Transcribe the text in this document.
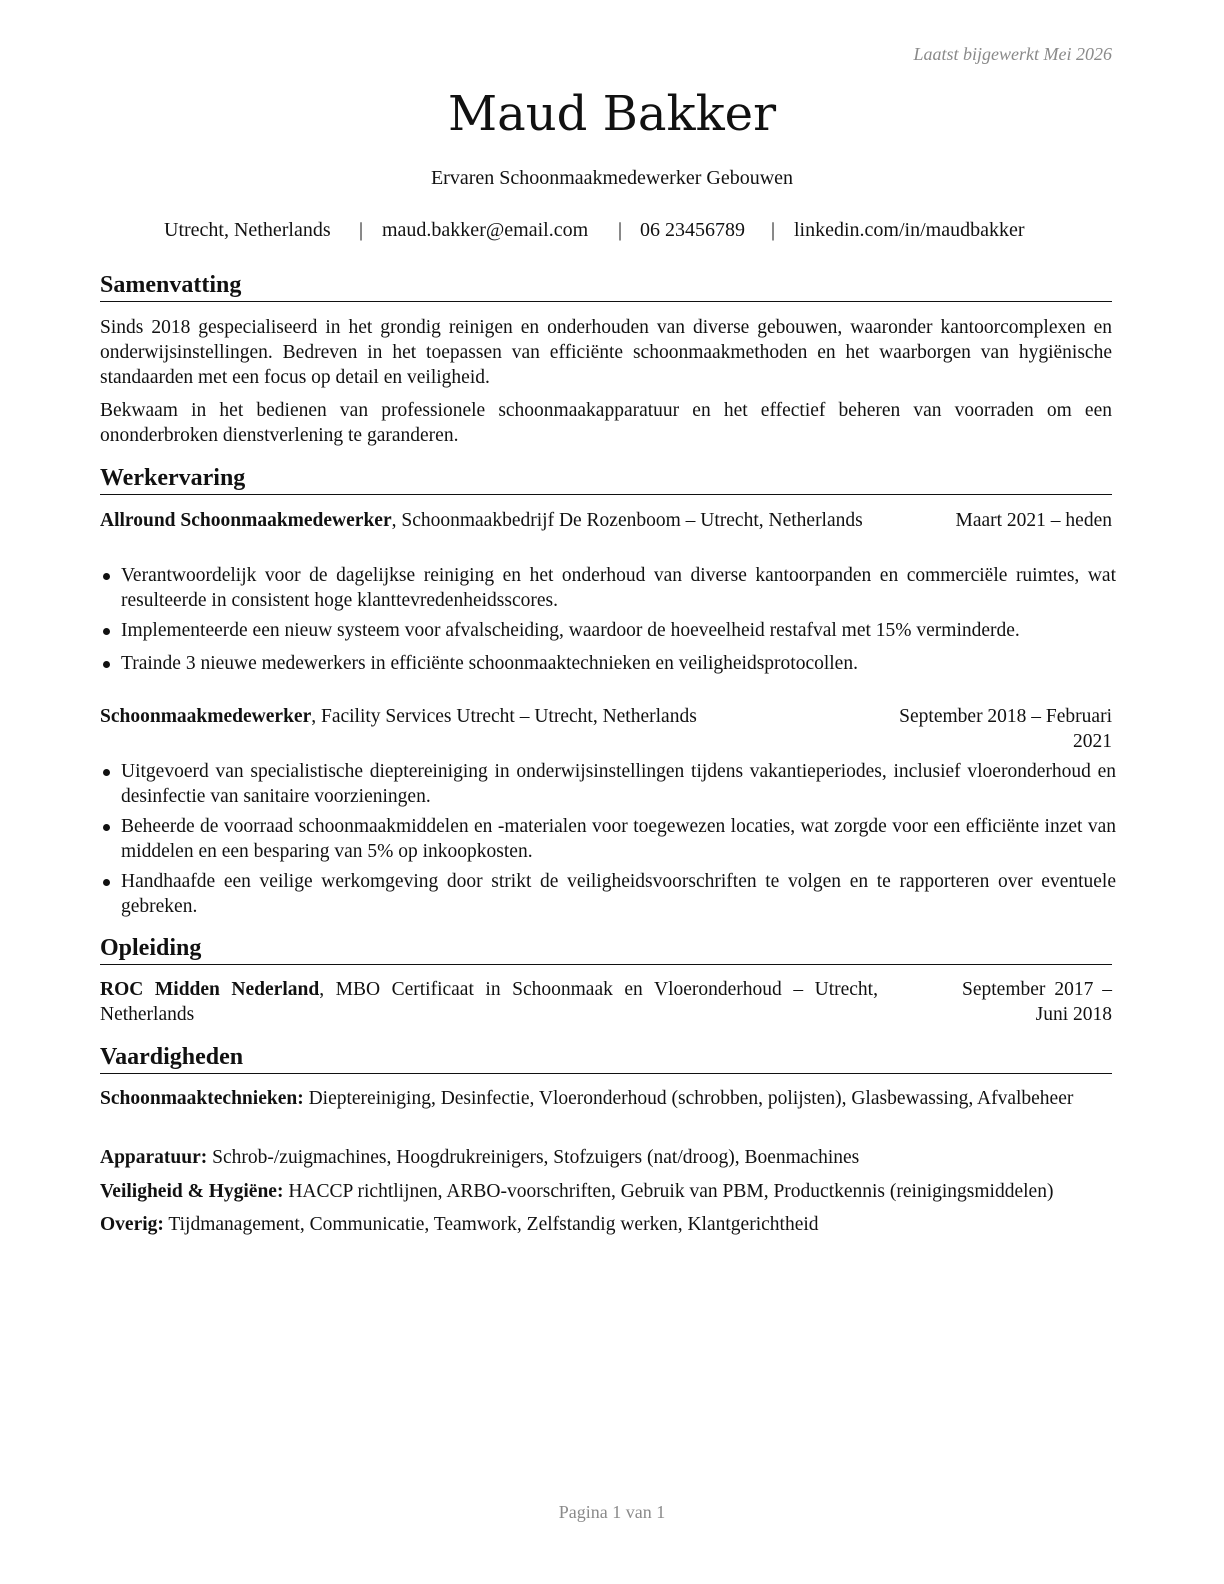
Laatst bijgewerkt Mei 2026
Maud Bakker
Ervaren Schoonmaakmedewerker Gebouwen
Utrecht, Netherlands | maud.bakker@email.com | 06 23456789 | linkedin.com/in/maudbakker
Samenvatting

Sinds 2018 gespecialiseerd in het grondig reinigen en onderhouden van diverse gebouwen, waaronder kantoorcomplexen en onderwijsinstellingen. Bedreven in het toepassen van efficiënte schoonmaakmethoden en het waarborgen van hygiënische standaarden met een focus op detail en veiligheid.

Bekwaam in het bedienen van professionele schoonmaakapparatuur en het effectief beheren van voorraden om een ononderbroken dienstverlening te garanderen.

Werkervaring
Allround Schoonmaakmedewerker, Schoonmaakbedrijf De Rozenboom – Utrecht, Netherlands	Maart 2021 – heden
Verantwoordelijk voor de dagelijkse reiniging en het onderhoud van diverse kantoorpanden en commerciële ruimtes, wat resulteerde in consistent hoge klanttevredenheidsscores.
Implementeerde een nieuw systeem voor afvalscheiding, waardoor de hoeveelheid restafval met 15% verminderde.
Trainde 3 nieuwe medewerkers in efficiënte schoonmaaktechnieken en veiligheidsprotocollen.
Schoonmaakmedewerker, Facility Services Utrecht – Utrecht, Netherlands	September 2018 – Februari 2021
Uitgevoerd van specialistische dieptereiniging in onderwijsinstellingen tijdens vakantieperiodes, inclusief vloeronderhoud en desinfectie van sanitaire voorzieningen.
Beheerde de voorraad schoonmaakmiddelen en -materialen voor toegewezen locaties, wat zorgde voor een efficiënte inzet van middelen en een besparing van 5% op inkoopkosten.
Handhaafde een veilige werkomgeving door strikt de veiligheidsvoorschriften te volgen en te rapporteren over eventuele gebreken.
Opleiding
ROC Midden Nederland, MBO Certificaat in Schoonmaak en Vloeronderhoud – Utrecht, Netherlands
September 2017 – Juni 2018
Vaardigheden
Schoonmaaktechnieken: Dieptereiniging, Desinfectie, Vloeronderhoud (schrobben, polijsten), Glasbewassing, Afvalbeheer
Apparatuur: Schrob-/zuigmachines, Hoogdrukreinigers, Stofzuigers (nat/droog), Boenmachines
Veiligheid & Hygiëne: HACCP richtlijnen, ARBO-voorschriften, Gebruik van PBM, Productkennis (reinigingsmiddelen)
Overig: Tijdmanagement, Communicatie, Teamwork, Zelfstandig werken, Klantgerichtheid
Pagina 1 van 1
